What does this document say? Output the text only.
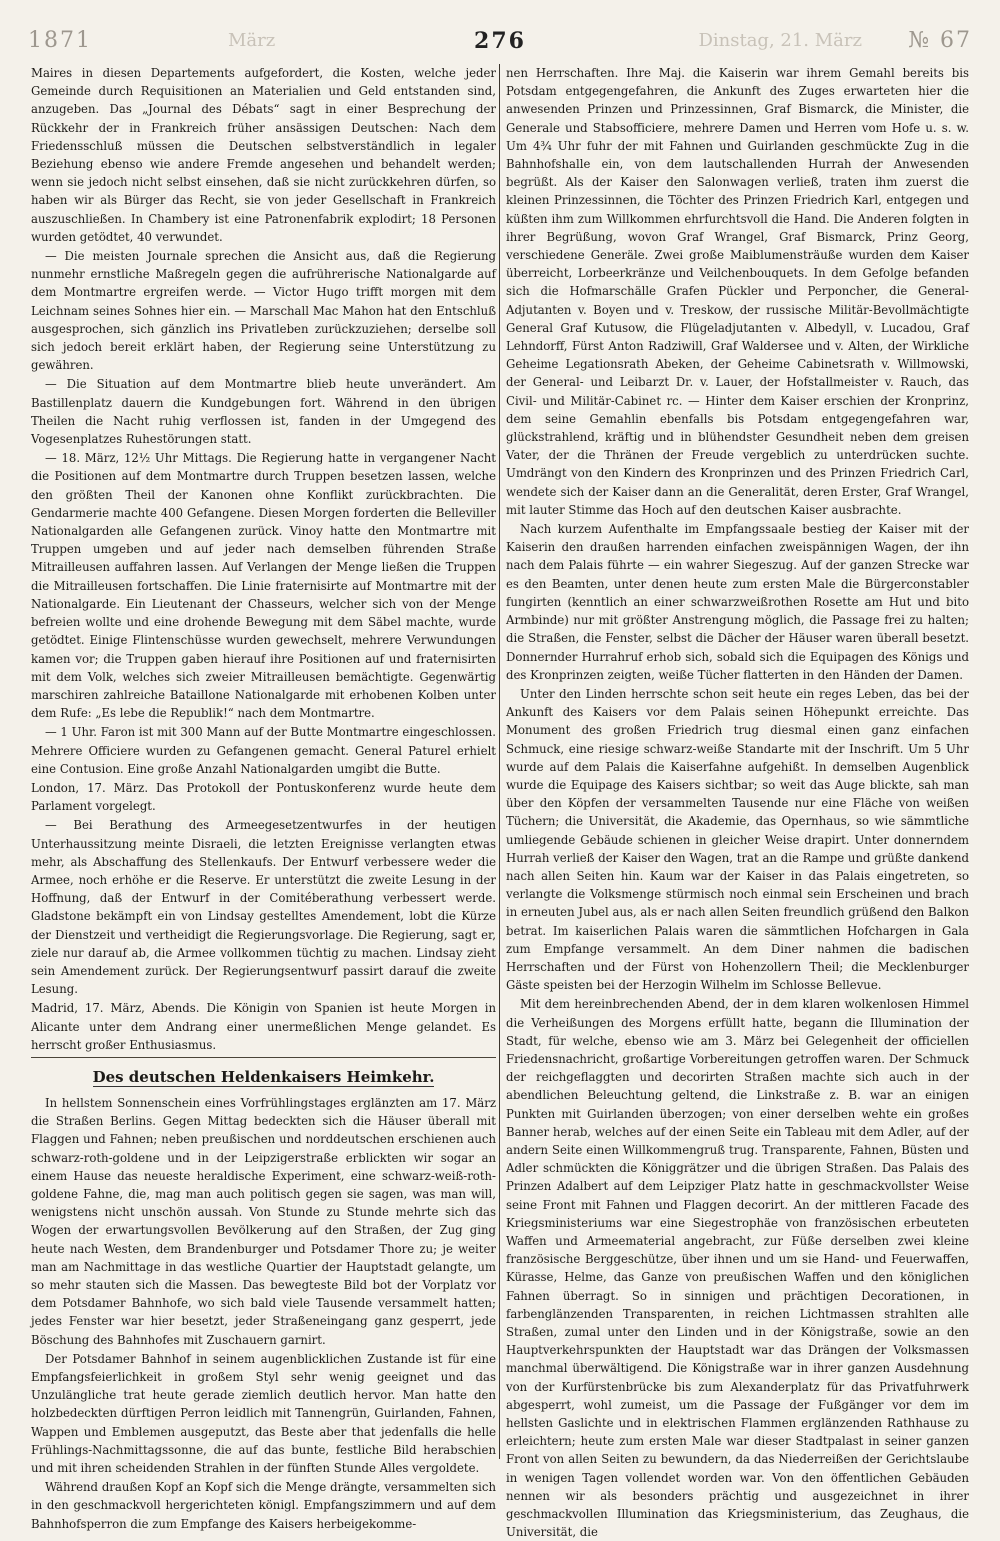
1871	März	Dinstag, 21. März
276	№ 67

Maires in diesen Departements aufgefordert, die Kosten, welche jeder Gemeinde durch Requisitionen an Materialien und Geld entstanden sind, anzugeben. Das „Journal des Débats“ sagt in einer Besprechung der Rückkehr der in Frankreich früher ansässigen Deutschen: Nach dem Friedensschluß müssen die Deutschen selbstverständlich in legaler Beziehung ebenso wie andere Fremde angesehen und behandelt werden; wenn sie jedoch nicht selbst einsehen, daß sie nicht zurückkehren dürfen, so haben wir als Bürger das Recht, sie von jeder Gesellschaft in Frankreich auszuschließen. In Chambery ist eine Patronenfabrik explodirt; 18 Personen wurden getödtet, 40 verwundet.

— Die meisten Journale sprechen die Ansicht aus, daß die Regierung nunmehr ernstliche Maßregeln gegen die aufrührerische Nationalgarde auf dem Montmartre ergreifen werde. — Victor Hugo trifft morgen mit dem Leichnam seines Sohnes hier ein. — Marschall Mac Mahon hat den Entschluß ausgesprochen, sich gänzlich ins Privatleben zurückzuziehen; derselbe soll sich jedoch bereit erklärt haben, der Regierung seine Unterstützung zu gewähren.

— Die Situation auf dem Montmartre blieb heute unverändert. Am Bastillenplatz dauern die Kundgebungen fort. Während in den übrigen Theilen die Nacht ruhig verflossen ist, fanden in der Umgegend des Vogesenplatzes Ruhestörungen statt.

— 18. März, 12½ Uhr Mittags. Die Regierung hatte in vergangener Nacht die Positionen auf dem Montmartre durch Truppen besetzen lassen, welche den größten Theil der Kanonen ohne Konflikt zurückbrachten. Die Gendarmerie machte 400 Gefangene. Diesen Morgen forderten die Belleviller Nationalgarden alle Gefangenen zurück. Vinoy hatte den Montmartre mit Truppen umgeben und auf jeder nach demselben führenden Straße Mitrailleusen auffahren lassen. Auf Verlangen der Menge ließen die Truppen die Mitrailleusen fortschaffen. Die Linie fraternisirte auf Montmartre mit der Nationalgarde. Ein Lieutenant der Chasseurs, welcher sich von der Menge befreien wollte und eine drohende Bewegung mit dem Säbel machte, wurde getödtet. Einige Flintenschüsse wurden gewechselt, mehrere Verwundungen kamen vor; die Truppen gaben hierauf ihre Positionen auf und fraternisirten mit dem Volk, welches sich zweier Mitrailleusen bemächtigte. Gegenwärtig marschiren zahlreiche Bataillone Nationalgarde mit erhobenen Kolben unter dem Rufe: „Es lebe die Republik!“ nach dem Montmartre.

— 1 Uhr. Faron ist mit 300 Mann auf der Butte Montmartre eingeschlossen. Mehrere Officiere wurden zu Gefangenen gemacht. General Paturel erhielt eine Contusion. Eine große Anzahl Nationalgarden umgibt die Butte.

London, 17. März. Das Protokoll der Pontuskonferenz wurde heute dem Parlament vorgelegt.

— Bei Berathung des Armeegesetzentwurfes in der heutigen Unterhaussitzung meinte Disraeli, die letzten Ereignisse verlangten etwas mehr, als Abschaffung des Stellenkaufs. Der Entwurf verbessere weder die Armee, noch erhöhe er die Reserve. Er unterstützt die zweite Lesung in der Hoffnung, daß der Entwurf in der Comitéberathung verbessert werde. Gladstone bekämpft ein von Lindsay gestelltes Amendement, lobt die Kürze der Dienstzeit und vertheidigt die Regierungsvorlage. Die Regierung, sagt er, ziele nur darauf ab, die Armee vollkommen tüchtig zu machen. Lindsay zieht sein Amendement zurück. Der Regierungsentwurf passirt darauf die zweite Lesung.

Madrid, 17. März, Abends. Die Königin von Spanien ist heute Morgen in Alicante unter dem Andrang einer unermeßlichen Menge gelandet. Es herrscht großer Enthusiasmus.

Des deutschen Heldenkaisers Heimkehr.

In hellstem Sonnenschein eines Vorfrühlingstages erglänzten am 17. März die Straßen Berlins. Gegen Mittag bedeckten sich die Häuser überall mit Flaggen und Fahnen; neben preußischen und norddeutschen erschienen auch schwarz-roth-goldene und in der Leipzigerstraße erblickten wir sogar an einem Hause das neueste heraldische Experiment, eine schwarz-weiß-roth-goldene Fahne, die, mag man auch politisch gegen sie sagen, was man will, wenigstens nicht unschön aussah. Von Stunde zu Stunde mehrte sich das Wogen der erwartungsvollen Bevölkerung auf den Straßen, der Zug ging heute nach Westen, dem Brandenburger und Potsdamer Thore zu; je weiter man am Nachmittage in das westliche Quartier der Hauptstadt gelangte, um so mehr stauten sich die Massen. Das bewegteste Bild bot der Vorplatz vor dem Potsdamer Bahnhofe, wo sich bald viele Tausende versammelt hatten; jedes Fenster war hier besetzt, jeder Straßeneingang ganz gesperrt, jede Böschung des Bahnhofes mit Zuschauern garnirt.

Der Potsdamer Bahnhof in seinem augenblicklichen Zustande ist für eine Empfangsfeierlichkeit in großem Styl sehr wenig geeignet und das Unzulängliche trat heute gerade ziemlich deutlich hervor. Man hatte den holzbedeckten dürftigen Perron leidlich mit Tannengrün, Guirlanden, Fahnen, Wappen und Emblemen ausgeputzt, das Beste aber that jedenfalls die helle Frühlings-Nachmittagssonne, die auf das bunte, festliche Bild herabschien und mit ihren scheidenden Strahlen in der fünften Stunde Alles vergoldete.

Während draußen Kopf an Kopf sich die Menge drängte, versammelten sich in den geschmackvoll hergerichteten königl. Empfangszimmern und auf dem Bahnhofsperron die zum Empfange des Kaisers herbeigekomme-

nen Herrschaften. Ihre Maj. die Kaiserin war ihrem Gemahl bereits bis Potsdam entgegengefahren, die Ankunft des Zuges erwarteten hier die anwesenden Prinzen und Prinzessinnen, Graf Bismarck, die Minister, die Generale und Stabsofficiere, mehrere Damen und Herren vom Hofe u. s. w. Um 4¾ Uhr fuhr der mit Fahnen und Guirlanden geschmückte Zug in die Bahnhofshalle ein, von dem lautschallenden Hurrah der Anwesenden begrüßt. Als der Kaiser den Salonwagen verließ, traten ihm zuerst die kleinen Prinzessinnen, die Töchter des Prinzen Friedrich Karl, entgegen und küßten ihm zum Willkommen ehrfurchtsvoll die Hand. Die Anderen folgten in ihrer Begrüßung, wovon Graf Wrangel, Graf Bismarck, Prinz Georg, verschiedene Generäle. Zwei große Maiblumensträuße wurden dem Kaiser überreicht, Lorbeerkränze und Veilchenbouquets. In dem Gefolge befanden sich die Hofmarschälle Grafen Pückler und Perponcher, die General-Adjutanten v. Boyen und v. Treskow, der russische Militär-Bevollmächtigte General Graf Kutusow, die Flügeladjutanten v. Albedyll, v. Lucadou, Graf Lehndorff, Fürst Anton Radziwill, Graf Waldersee und v. Alten, der Wirkliche Geheime Legationsrath Abeken, der Geheime Cabinetsrath v. Willmowski, der General- und Leibarzt Dr. v. Lauer, der Hofstallmeister v. Rauch, das Civil- und Militär-Cabinet rc. — Hinter dem Kaiser erschien der Kronprinz, dem seine Gemahlin ebenfalls bis Potsdam entgegengefahren war, glückstrahlend, kräftig und in blühendster Gesundheit neben dem greisen Vater, der die Thränen der Freude vergeblich zu unterdrücken suchte. Umdrängt von den Kindern des Kronprinzen und des Prinzen Friedrich Carl, wendete sich der Kaiser dann an die Generalität, deren Erster, Graf Wrangel, mit lauter Stimme das Hoch auf den deutschen Kaiser ausbrachte.

Nach kurzem Aufenthalte im Empfangssaale bestieg der Kaiser mit der Kaiserin den draußen harrenden einfachen zweispännigen Wagen, der ihn nach dem Palais führte — ein wahrer Siegeszug. Auf der ganzen Strecke war es den Beamten, unter denen heute zum ersten Male die Bürgerconstabler fungirten (kenntlich an einer schwarzweißrothen Rosette am Hut und bito Armbinde) nur mit größter Anstrengung möglich, die Passage frei zu halten; die Straßen, die Fenster, selbst die Dächer der Häuser waren überall besetzt. Donnernder Hurrahruf erhob sich, sobald sich die Equipagen des Königs und des Kronprinzen zeigten, weiße Tücher flatterten in den Händen der Damen.

Unter den Linden herrschte schon seit heute ein reges Leben, das bei der Ankunft des Kaisers vor dem Palais seinen Höhepunkt erreichte. Das Monument des großen Friedrich trug diesmal einen ganz einfachen Schmuck, eine riesige schwarz-weiße Standarte mit der Inschrift. Um 5 Uhr wurde auf dem Palais die Kaiserfahne aufgehißt. In demselben Augenblick wurde die Equipage des Kaisers sichtbar; so weit das Auge blickte, sah man über den Köpfen der versammelten Tausende nur eine Fläche von weißen Tüchern; die Universität, die Akademie, das Opernhaus, so wie sämmtliche umliegende Gebäude schienen in gleicher Weise drapirt. Unter donnerndem Hurrah verließ der Kaiser den Wagen, trat an die Rampe und grüßte dankend nach allen Seiten hin. Kaum war der Kaiser in das Palais eingetreten, so verlangte die Volksmenge stürmisch noch einmal sein Erscheinen und brach in erneuten Jubel aus, als er nach allen Seiten freundlich grüßend den Balkon betrat. Im kaiserlichen Palais waren die sämmtlichen Hofchargen in Gala zum Empfange versammelt. An dem Diner nahmen die badischen Herrschaften und der Fürst von Hohenzollern Theil; die Mecklenburger Gäste speisten bei der Herzogin Wilhelm im Schlosse Bellevue.

Mit dem hereinbrechenden Abend, der in dem klaren wolkenlosen Himmel die Verheißungen des Morgens erfüllt hatte, begann die Illumination der Stadt, für welche, ebenso wie am 3. März bei Gelegenheit der officiellen Friedensnachricht, großartige Vorbereitungen getroffen waren. Der Schmuck der reichgeflaggten und decorirten Straßen machte sich auch in der abendlichen Beleuchtung geltend, die Linkstraße z. B. war an einigen Punkten mit Guirlanden überzogen; von einer derselben wehte ein großes Banner herab, welches auf der einen Seite ein Tableau mit dem Adler, auf der andern Seite einen Willkommengruß trug. Transparente, Fahnen, Büsten und Adler schmückten die Königgrätzer und die übrigen Straßen. Das Palais des Prinzen Adalbert auf dem Leipziger Platz hatte in geschmackvollster Weise seine Front mit Fahnen und Flaggen decorirt. An der mittleren Facade des Kriegsministeriums war eine Siegestrophäe von französischen erbeuteten Waffen und Armeematerial angebracht, zur Füße derselben zwei kleine französische Berggeschütze, über ihnen und um sie Hand- und Feuerwaffen, Kürasse, Helme, das Ganze von preußischen Waffen und den königlichen Fahnen überragt. So in sinnigen und prächtigen Decorationen, in farbenglänzenden Transparenten, in reichen Lichtmassen strahlten alle Straßen, zumal unter den Linden und in der Königstraße, sowie an den Hauptverkehrspunkten der Hauptstadt war das Drängen der Volksmassen manchmal überwältigend. Die Königstraße war in ihrer ganzen Ausdehnung von der Kurfürstenbrücke bis zum Alexanderplatz für das Privatfuhrwerk abgesperrt, wohl zumeist, um die Passage der Fußgänger vor dem im hellsten Gaslichte und in elektrischen Flammen erglänzenden Rathhause zu erleichtern; heute zum ersten Male war dieser Stadtpalast in seiner ganzen Front von allen Seiten zu bewundern, da das Niederreißen der Gerichtslaube in wenigen Tagen vollendet worden war. Von den öffentlichen Gebäuden nennen wir als besonders prächtig und ausgezeichnet in ihrer geschmackvollen Illumination das Kriegsministerium, das Zeughaus, die Universität, die
